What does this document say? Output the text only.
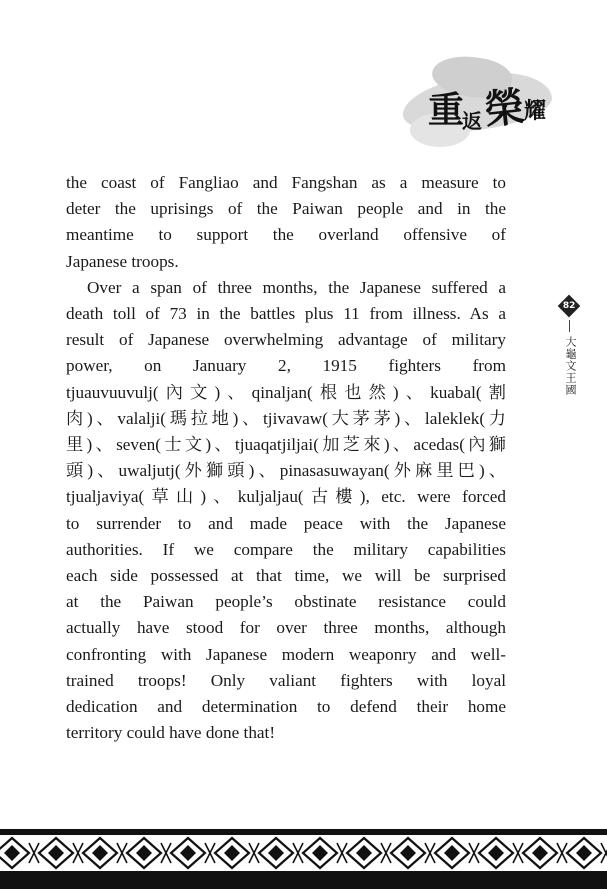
重返榮耀
the coast of Fangliao and Fangshan as a measure to
deter the uprisings of the Paiwan people and in the
meantime to support the overland offensive of
Japanese troops.
Over a span of three months, the Japanese suffered a
death toll of 73 in the battles plus 11 from illness. As a
result of Japanese overwhelming advantage of military
power, on January 2, 1915 fighters from
tjuauvuuvulj(內文)、qinaljan(根也然)、kuabal(割
肉)、valalji(瑪拉地)、tjivavaw(大茅茅)、laleklek(力
里)、seven(士文)、tjuaqatjiljai(加芝來)、acedas(內獅
頭)、uwaljutj(外獅頭)、pinasasuwayan(外麻里巴)、
tjualjaviya(草山)、kuljaljau(古樓), etc. were forced
to surrender to and made peace with the Japanese
authorities. If we compare the military capabilities
each side possessed at that time, we will be surprised
at the Paiwan people’s obstinate resistance could
actually have stood for over three months, although
confronting with Japanese modern weaponry and well-
trained troops! Only valiant fighters with loyal
dedication and determination to defend their home
territory could have done that!
82
大龜文王國
